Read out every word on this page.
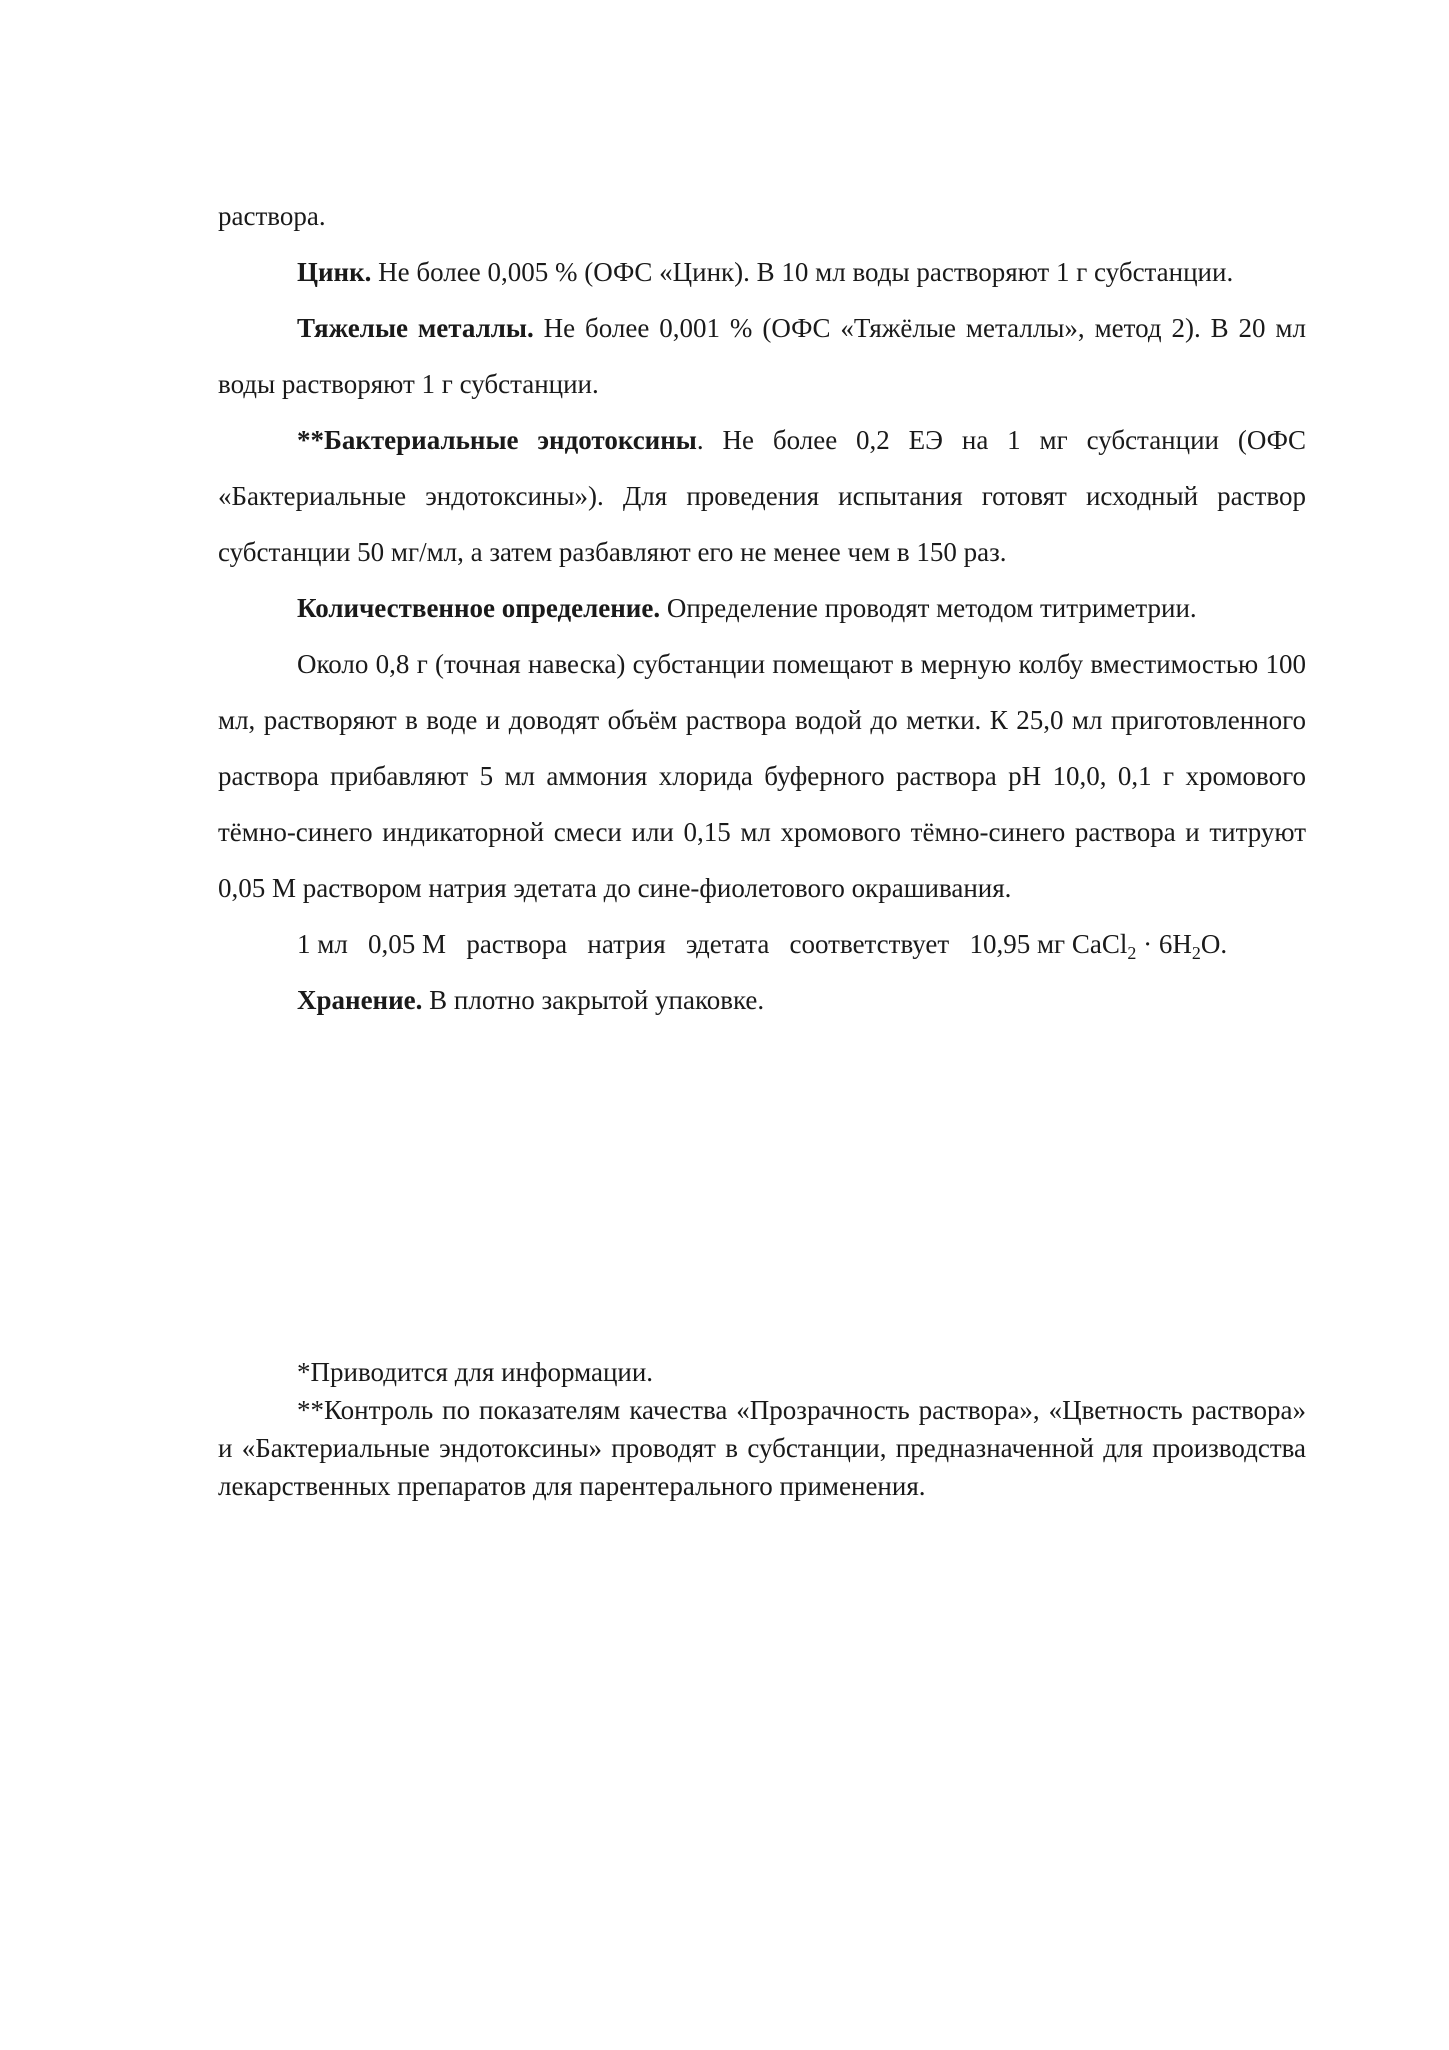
раствора.

Цинк. Не более 0,005 % (ОФС «Цинк). В 10 мл воды растворяют 1 г субстанции.

Тяжелые металлы. Не более 0,001 % (ОФС «Тяжёлые металлы», метод 2). В 20 мл воды растворяют 1 г субстанции.

**Бактериальные эндотоксины. Не более 0,2 ЕЭ на 1 мг субстанции (ОФС «Бактериальные эндотоксины»). Для проведения испытания готовят исходный раствор субстанции 50 мг/мл, а затем разбавляют его не менее чем в 150 раз.

Количественное определение. Определение проводят методом титриметрии.

Около 0,8 г (точная навеска) субстанции помещают в мерную колбу вместимостью 100 мл, растворяют в воде и доводят объём раствора водой до метки. К 25,0 мл приготовленного раствора прибавляют 5 мл аммония хлорида буферного раствора pH 10,0, 0,1 г хромового тёмно-синего индикаторной смеси или 0,15 мл хромового тёмно-синего раствора и титруют 0,05 М раствором натрия эдетата до сине-фиолетового окрашивания.

1 мл   0,05 М   раствора   натрия   эдетата   соответствует   10,95 мг CaCl$_2$ · $6H_2O$.

Хранение. В плотно закрытой упаковке.

*Приводится для информации.

**Контроль по показателям качества «Прозрачность раствора», «Цветность раствора» и «Бактериальные эндотоксины» проводят в субстанции, предназначенной для производства лекарственных препаратов для парентерального применения.
